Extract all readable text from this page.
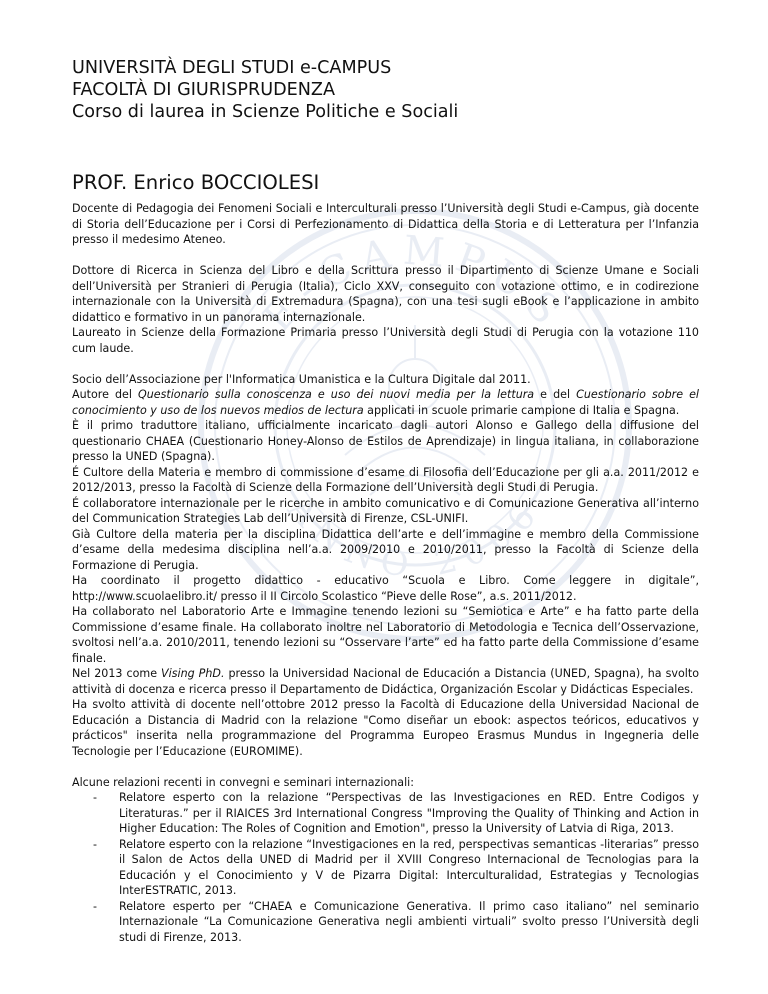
E-CAMPUS
ANNO 2006
UNIVERSITÀ DEGLI STUDI e-CAMPUS
FACOLTÀ DI GIURISPRUDENZA
Corso di laurea in Scienze Politiche e Sociali
PROF. Enrico BOCCIOLESI

Docente di Pedagogia dei Fenomeni Sociali e Interculturali presso l’Università degli Studi e-Campus, già docente di Storia dell’Educazione per i Corsi di Perfezionamento di Didattica della Storia e di Letteratura per l’Infanzia presso il medesimo Ateneo.

Dottore di Ricerca in Scienza del Libro e della Scrittura presso il Dipartimento di Scienze Umane e Sociali dell’Università per Stranieri di Perugia (Italia), Ciclo XXV, conseguito con votazione ottimo, e in codirezione internazionale con la Università di Extremadura (Spagna), con una tesi sugli eBook e l’applicazione in ambito didattico e formativo in un panorama internazionale.

Laureato in Scienze della Formazione Primaria presso l’Università degli Studi di Perugia con la votazione 110 cum laude.

Socio dell’Associazione per l'Informatica Umanistica e la Cultura Digitale dal 2011.

Autore del Questionario sulla conoscenza e uso dei nuovi media per la lettura e del Cuestionario sobre el conocimiento y uso de los nuevos medios de lectura applicati in scuole primarie campione di Italia e Spagna.

È il primo traduttore italiano, ufficialmente incaricato dagli autori Alonso e Gallego della diffusione del questionario CHAEA (Cuestionario Honey-Alonso de Estilos de Aprendizaje) in lingua italiana, in collaborazione presso la UNED (Spagna).

É Cultore della Materia e membro di commissione d’esame di Filosofia dell’Educazione per gli a.a. 2011/2012 e 2012/2013, presso la Facoltà di Scienze della Formazione dell’Università degli Studi di Perugia.

É collaboratore internazionale per le ricerche in ambito comunicativo e di Comunicazione Generativa all’interno del Communication Strategies Lab dell’Università di Firenze, CSL-UNIFI.

Già Cultore della materia per la disciplina Didattica dell’arte e dell’immagine e membro della Commissione d’esame della medesima disciplina nell’a.a. 2009/2010 e 2010/2011, presso la Facoltà di Scienze della Formazione di Perugia.

Ha coordinato il progetto didattico - educativo “Scuola e Libro. Come leggere in digitale”, http://www.scuolaelibro.it/ presso il II Circolo Scolastico “Pieve delle Rose”, a.s. 2011/2012.

Ha collaborato nel Laboratorio Arte e Immagine tenendo lezioni su “Semiotica e Arte” e ha fatto parte della Commissione d’esame finale. Ha collaborato inoltre nel Laboratorio di Metodologia e Tecnica dell’Osservazione, svoltosi nell’a.a. 2010/2011, tenendo lezioni su “Osservare l’arte” ed ha fatto parte della Commissione d’esame finale.

Nel 2013 come Vising PhD. presso la Universidad Nacional de Educación a Distancia (UNED, Spagna), ha svolto attività di docenza e ricerca presso il Departamento de Didáctica, Organización Escolar y Didácticas Especiales.

Ha svolto attività di docente nell’ottobre 2012 presso la Facoltà di Educazione della Universidad Nacional de Educación a Distancia di Madrid con la relazione "Como diseñar un ebook: aspectos teóricos, educativos y prácticos" inserita nella programmazione del Programma Europeo Erasmus Mundus in Ingegneria delle Tecnologie per l’Educazione (EUROMIME).

Alcune relazioni recenti in convegni e seminari internazionali:

- Relatore esperto con la relazione “Perspectivas de las Investigaciones en RED. Entre Codigos y Literaturas.” per il RIAICES 3rd International Congress "Improving the Quality of Thinking and Action in Higher Education: The Roles of Cognition and Emotion", presso la University of Latvia di Riga, 2013.
- Relatore esperto con la relazione “Investigaciones en la red, perspectivas semanticas -literarias” presso il Salon de Actos della UNED di Madrid per il XVIII Congreso Internacional de Tecnologias para la Educación y el Conocimiento y V de Pizarra Digital: Interculturalidad, Estrategias y Tecnologias InterESTRATIC, 2013.
- Relatore esperto per “CHAEA e Comunicazione Generativa. Il primo caso italiano” nel seminario Internazionale “La Comunicazione Generativa negli ambienti virtuali” svolto presso l’Università degli studi di Firenze, 2013.
